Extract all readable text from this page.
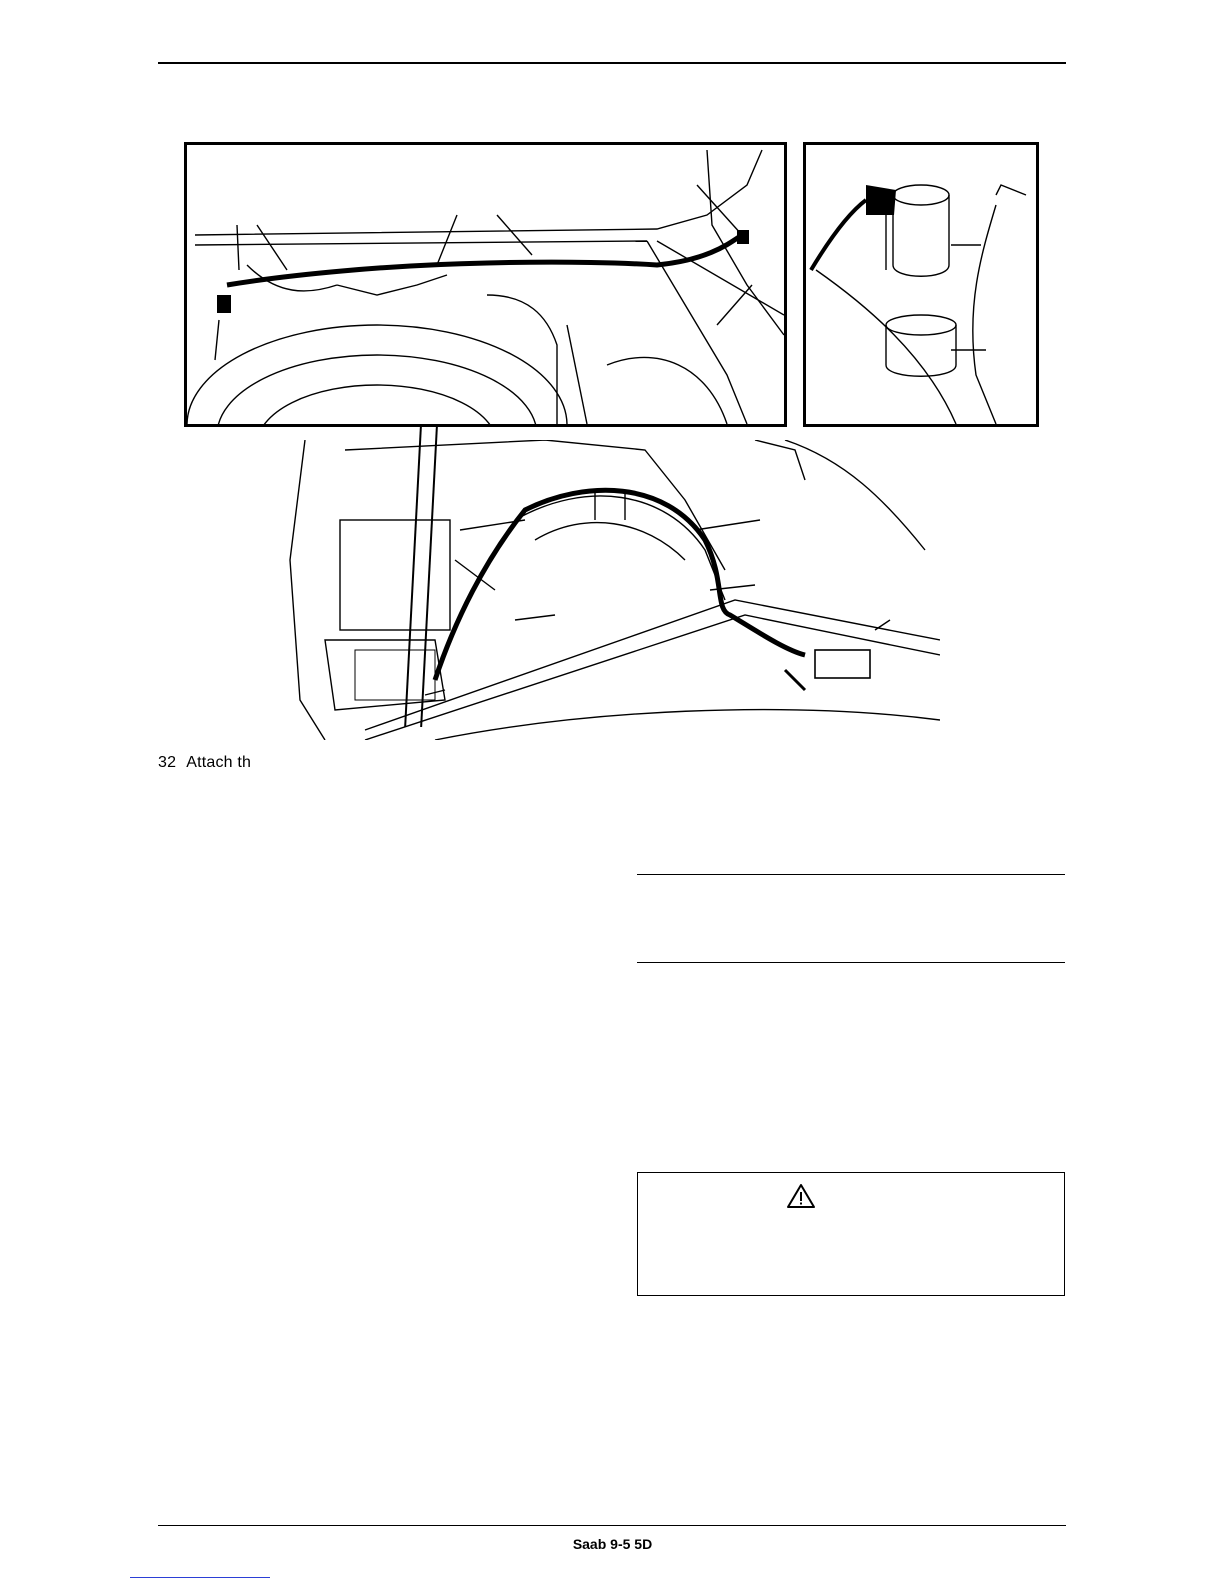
32 Attach th
Saab 9-5 5D
